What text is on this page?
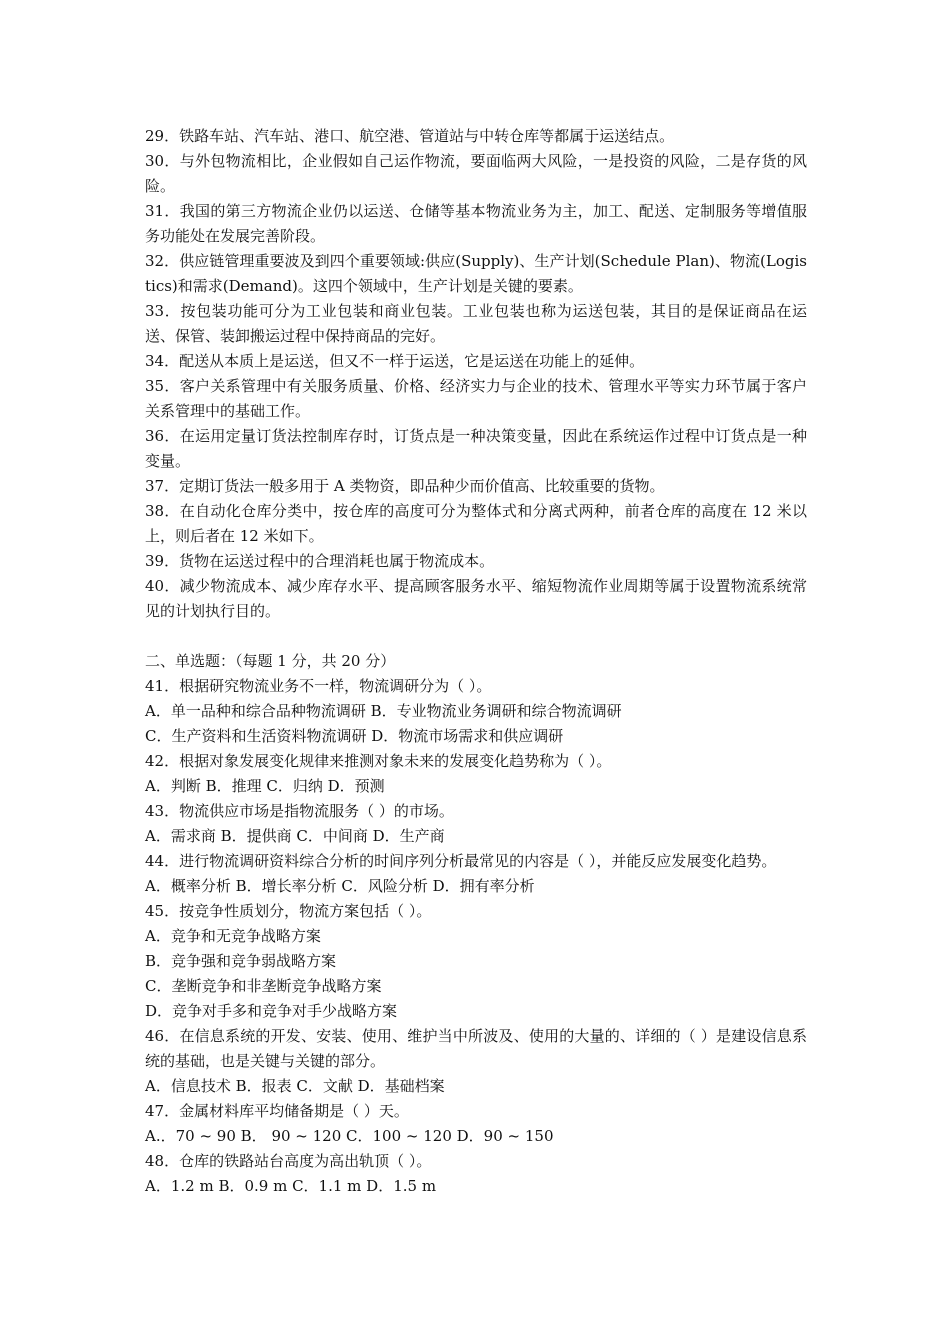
29．铁路车站、汽车站、港口、航空港、管道站与中转仓库等都属于运送结点。

30．与外包物流相比，企业假如自己运作物流，要面临两大风险，一是投资的风险，二是存货的风险。

31．我国的第三方物流企业仍以运送、仓储等基本物流业务为主，加工、配送、定制服务等增值服务功能处在发展完善阶段。

32．供应链管理重要波及到四个重要领域:供应(Supply)、生产计划(Schedule Plan)、物流(Logistics)和需求(Demand)。这四个领域中，生产计划是关键的要素。

33．按包装功能可分为工业包装和商业包装。工业包装也称为运送包装，其目的是保证商品在运送、保管、装卸搬运过程中保持商品的完好。

34．配送从本质上是运送，但又不一样于运送，它是运送在功能上的延伸。

35．客户关系管理中有关服务质量、价格、经济实力与企业的技术、管理水平等实力环节属于客户关系管理中的基础工作。

36．在运用定量订货法控制库存时，订货点是一种决策变量，因此在系统运作过程中订货点是一种变量。

37．定期订货法一般多用于 A 类物资，即品种少而价值高、比较重要的货物。

38．在自动化仓库分类中，按仓库的高度可分为整体式和分离式两种，前者仓库的高度在 12 米以上，则后者在 12 米如下。

39．货物在运送过程中的合理消耗也属于物流成本。

40．减少物流成本、减少库存水平、提高顾客服务水平、缩短物流作业周期等属于设置物流系统常见的计划执行目的。

二、单选题：（每题 1 分，共 20 分）

41．根据研究物流业务不一样，物流调研分为（ ）。

A．单一品种和综合品种物流调研 B．专业物流业务调研和综合物流调研

C．生产资料和生活资料物流调研 D．物流市场需求和供应调研

42．根据对象发展变化规律来推测对象未来的发展变化趋势称为（ ）。

A．判断 B．推理 C．归纳 D．预测

43．物流供应市场是指物流服务（ ）的市场。

A．需求商 B．提供商 C．中间商 D．生产商

44．进行物流调研资料综合分析的时间序列分析最常见的内容是（ ），并能反应发展变化趋势。

A．概率分析 B．增长率分析 C．风险分析 D．拥有率分析

45．按竞争性质划分，物流方案包括（ ）。

A．竞争和无竞争战略方案

B．竞争强和竞争弱战略方案

C．垄断竞争和非垄断竞争战略方案

D．竞争对手多和竞争对手少战略方案

46．在信息系统的开发、安装、使用、维护当中所波及、使用的大量的、详细的（ ）是建设信息系统的基础，也是关键与关键的部分。

A．信息技术 B．报表 C．文献 D．基础档案

47．金属材料库平均储备期是（ ）天。

A.．70 ~ 90 B． 90 ~ 120 C．100 ~ 120 D．90 ~ 150

48．仓库的铁路站台高度为高出轨顶（ ）。

A．1.2 m B．0.9 m C．1.1 m D．1.5 m
